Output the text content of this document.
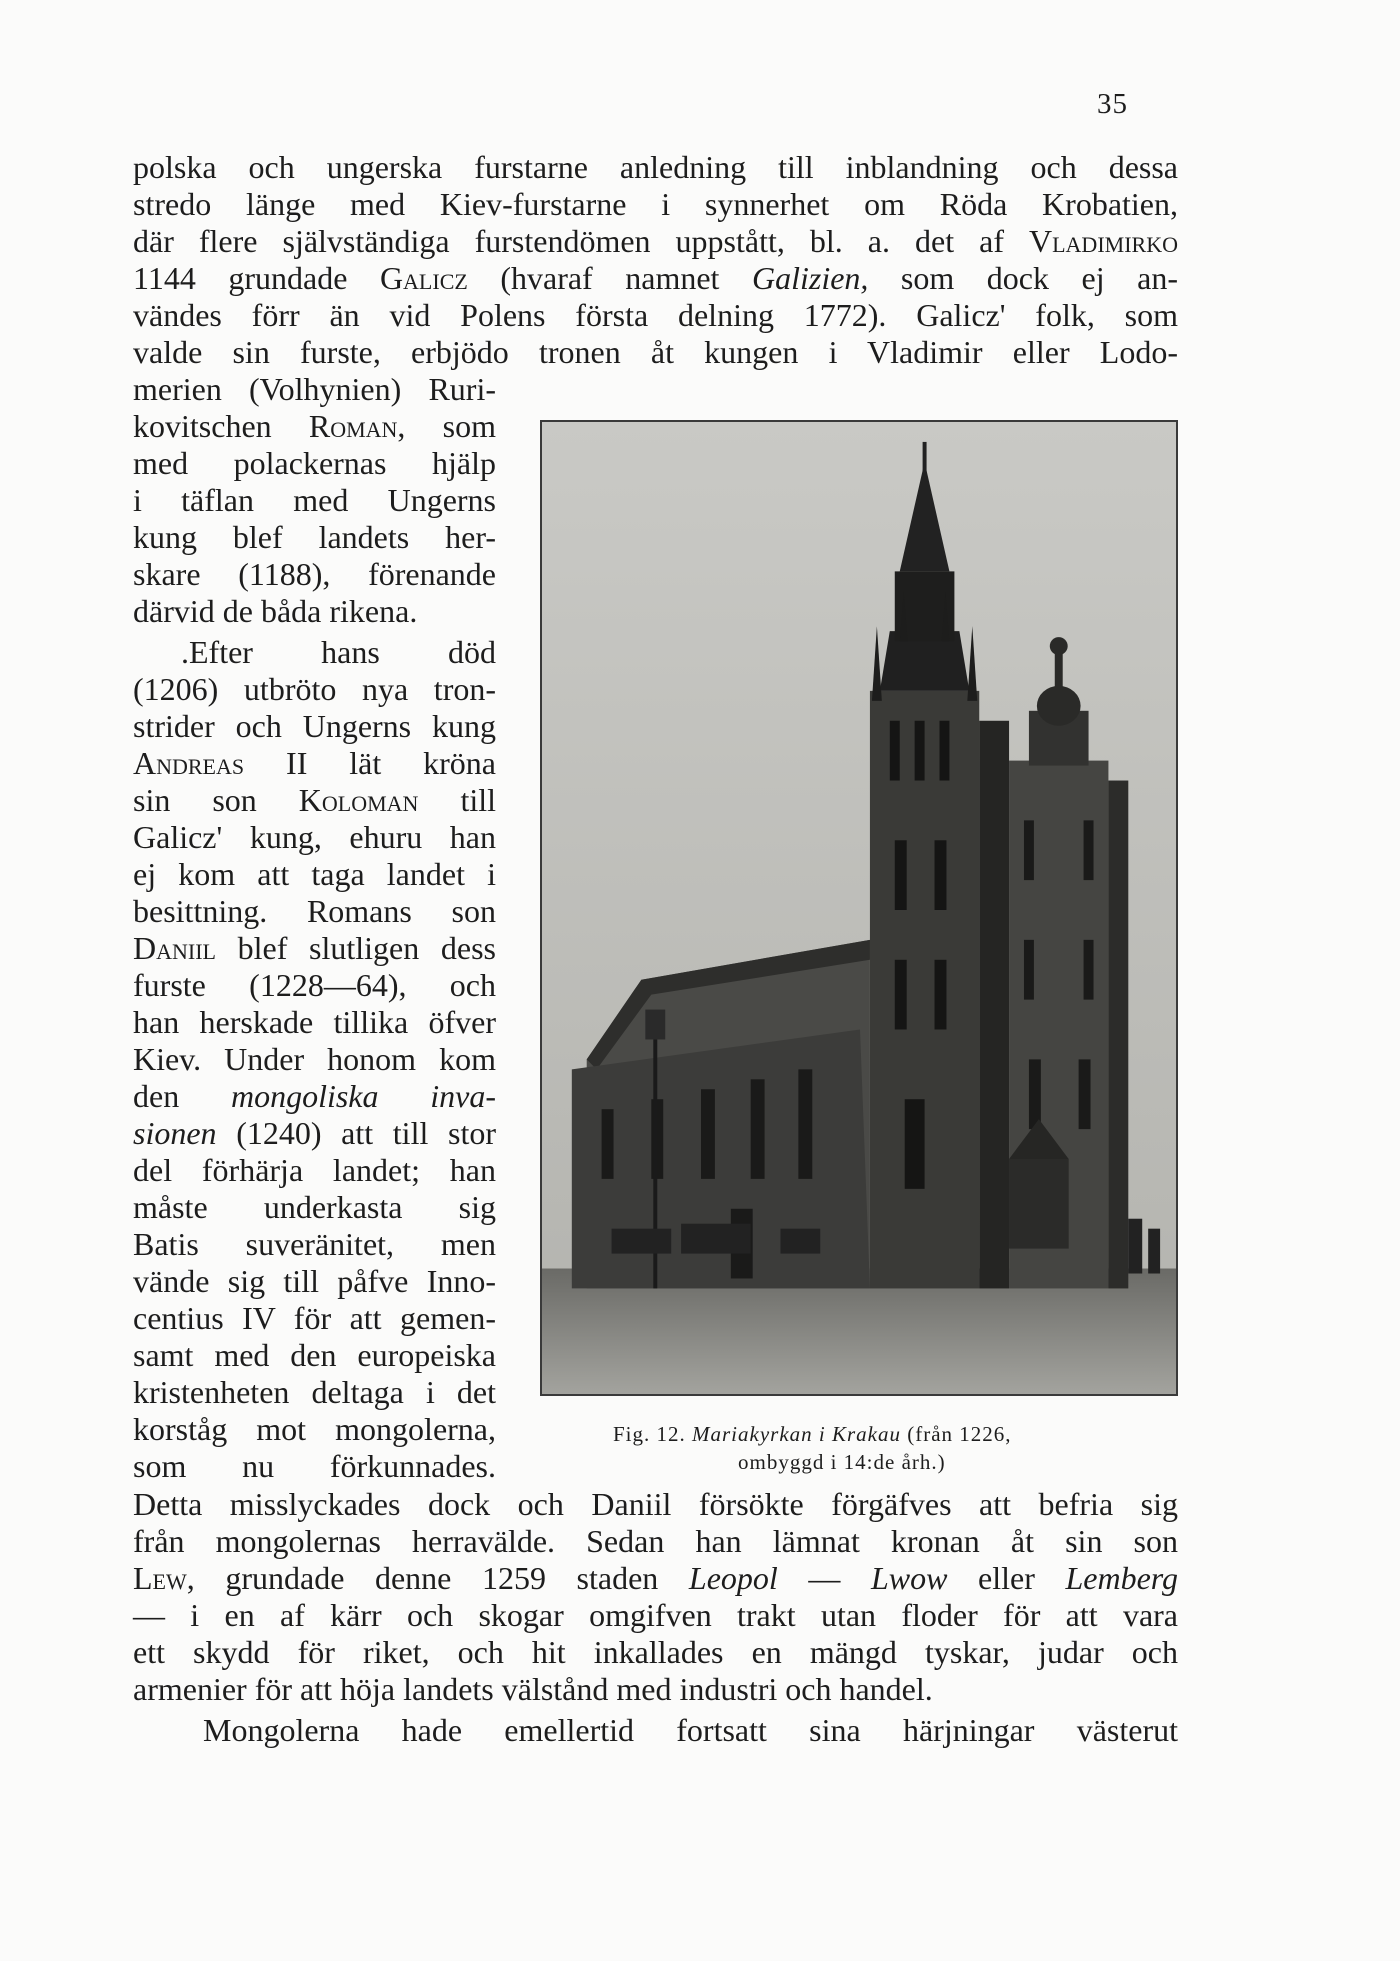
35
polska och ungerska furstarne anledning till inblandning och dessa
stredo länge med Kiev-furstarne i synnerhet om Röda Krobatien,
där flere självständiga furstendömen uppstått, bl. a. det af Vladimirko
1144 grundade Galicz (hvaraf namnet Galizien, som dock ej an-
vändes förr än vid Polens första delning 1772). Galicz' folk, som
valde sin furste, erbjödo tronen åt kungen i Vladimir eller Lodo-
merien (Volhynien) Ruri-
kovitschen Roman, som
med polackernas hjälp
i täflan med Ungerns
kung blef landets her-
skare (1188), förenande
därvid de båda rikena.
.Efter hans död
(1206) utbröto nya tron-
strider och Ungerns kung
Andreas II lät kröna
sin son Koloman till
Galicz' kung, ehuru han
ej kom att taga landet i
besittning. Romans son
Daniil blef slutligen dess
furste (1228—64), och
han herskade tillika öfver
Kiev. Under honom kom
den mongoliska inva-
sionen (1240) att till stor
del förhärja landet; han
måste underkasta sig
Batis suveränitet, men
vände sig till påfve Inno-
centius IV för att gemen-
samt med den europeiska
kristenheten deltaga i det
korståg mot mongolerna,
som nu förkunnades.
Fig. 12. Mariakyrkan i Krakau (från 1226,
ombyggd i 14:de årh.)
Detta misslyckades dock och Daniil försökte förgäfves att befria sig
från mongolernas herravälde. Sedan han lämnat kronan åt sin son
Lew, grundade denne 1259 staden Leopol — Lwow eller Lemberg
— i en af kärr och skogar omgifven trakt utan floder för att vara
ett skydd för riket, och hit inkallades en mängd tyskar, judar och
armenier för att höja landets välstånd med industri och handel.
Mongolerna hade emellertid fortsatt sina härjningar västerut
